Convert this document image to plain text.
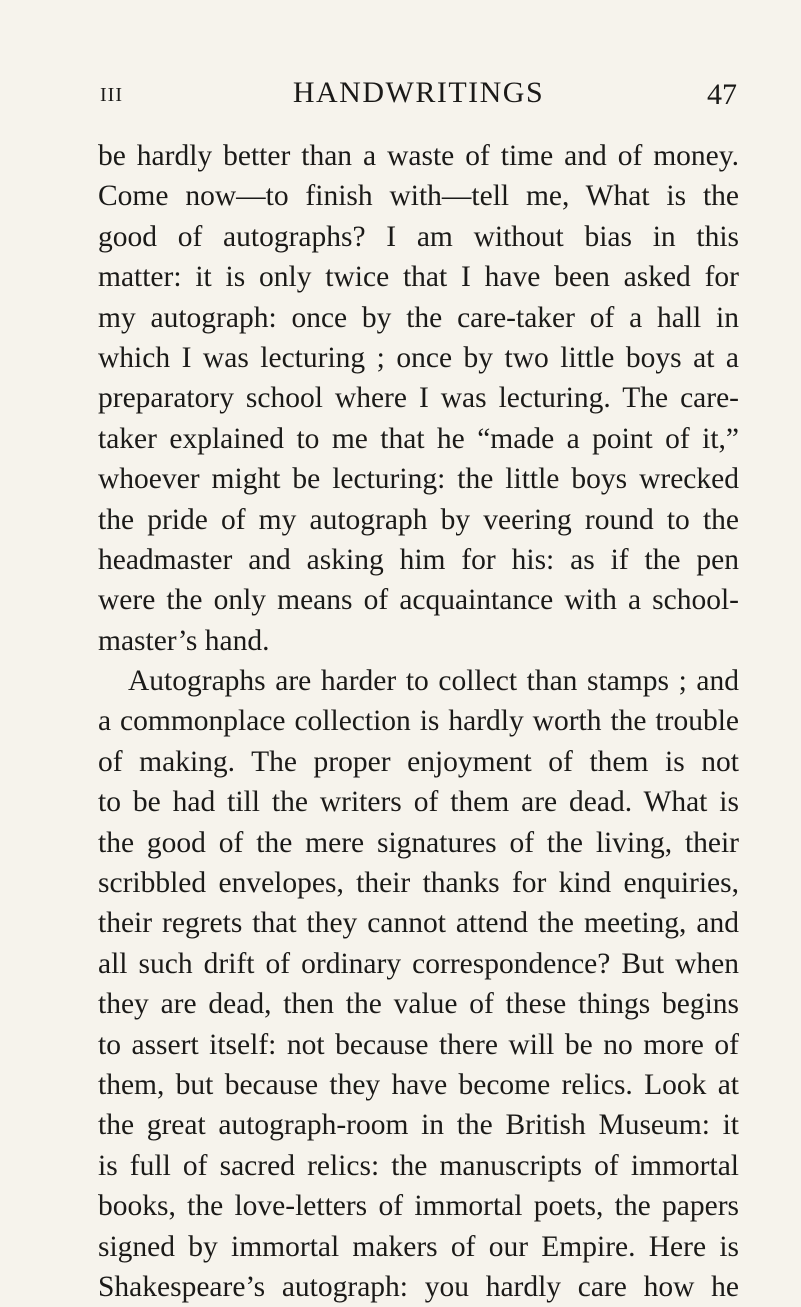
III	HANDWRITINGS	47
be hardly better than a waste of time and of money.
Come now—to finish with—tell me, What is the
good of autographs? I am without bias in this
matter: it is only twice that I have been asked for
my autograph: once by the care-taker of a hall in
which I was lecturing ; once by two little boys at a
preparatory school where I was lecturing. The care-
taker explained to me that he “made a point of it,”
whoever might be lecturing: the little boys wrecked
the pride of my autograph by veering round to the
headmaster and asking him for his: as if the pen
were the only means of acquaintance with a school-
master’s hand.
Autographs are harder to collect than stamps ; and
a commonplace collection is hardly worth the trouble
of making. The proper enjoyment of them is not
to be had till the writers of them are dead. What is
the good of the mere signatures of the living, their
scribbled envelopes, their thanks for kind enquiries,
their regrets that they cannot attend the meeting, and
all such drift of ordinary correspondence? But when
they are dead, then the value of these things begins
to assert itself: not because there will be no more of
them, but because they have become relics. Look at
the great autograph-room in the British Museum: it
is full of sacred relics: the manuscripts of immortal
books, the love-letters of immortal poets, the papers
signed by immortal makers of our Empire. Here is
Shakespeare’s autograph: you hardly care how he
